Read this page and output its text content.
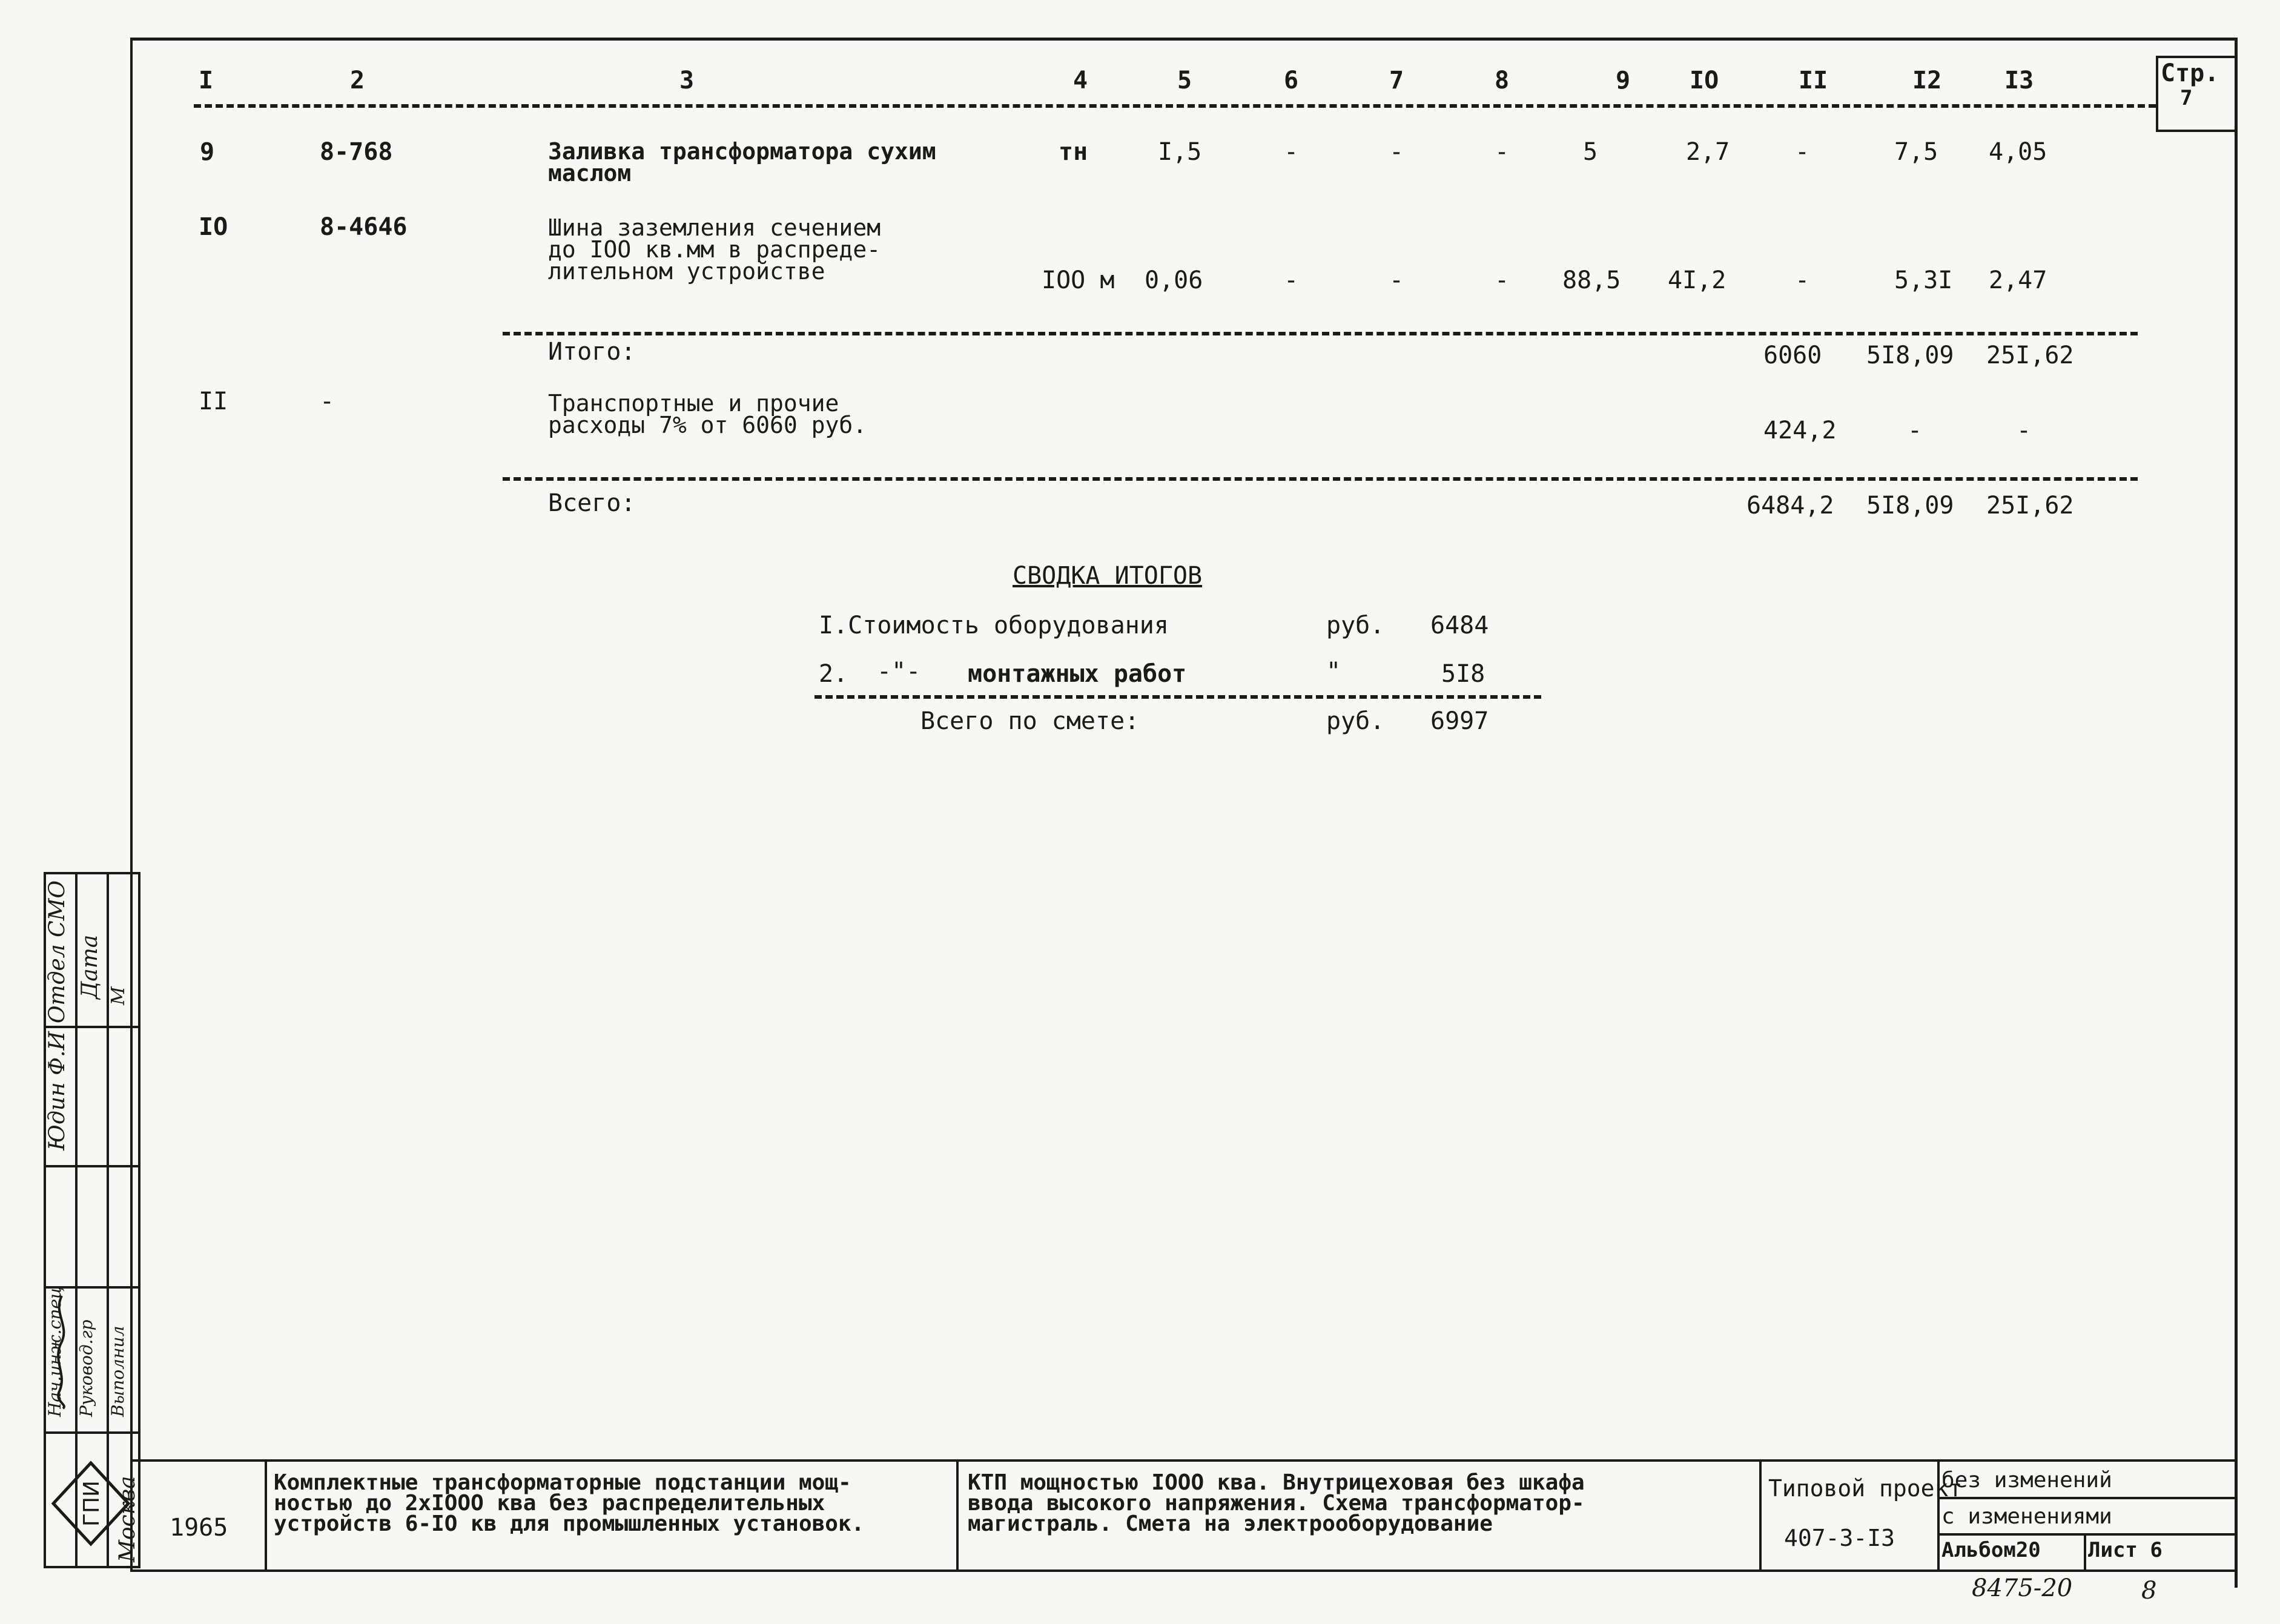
Стр.
7
I	2	3	4	5	6	7	8	9 IO	II	I2	I3
9	8-768	Заливка трансформатора сухим
маслом
тн	I,5	-	-	-	5	2,7	-	7,5 4,05
IO	8-4646	Шина заземления сечением
до IOO кв.мм в распреде-
лительном устройстве	IOO м 0,06	-	-	- 88,5 4I,2	-	5,3I 2,47
Итого:	6060 5I8,09 25I,62
II	-	Транспортные и прочие
расходы 7% от 6060 руб.	424,2	-	-
Всего:	6484,2 5I8,09 25I,62
СВОДКА ИТОГОВ
I.Стоимость оборудования	руб. 6484
2. -"- монтажных работ	"	5I8
Всего по смете:	руб. 6997
Отдел СМО Дата М
Юдин Ф.И
Нач.инж.спец Руковод.гр Выполнил
Москва
ГПИ
1965
Комплектные трансформаторные подстанции мощ-
ностью до 2хIООО ква без распределительных
устройств 6-IO кв для промышленных установок.
КТП мощностью IOOO ква. Внутрицеховая без шкафа
ввода высокого напряжения. Схема трансформатор-
магистраль. Смета на электрооборудование
Типовой проект
407-3-I3
без изменений
с изменениями
Альбом20 Лист 6
8475-20	8
